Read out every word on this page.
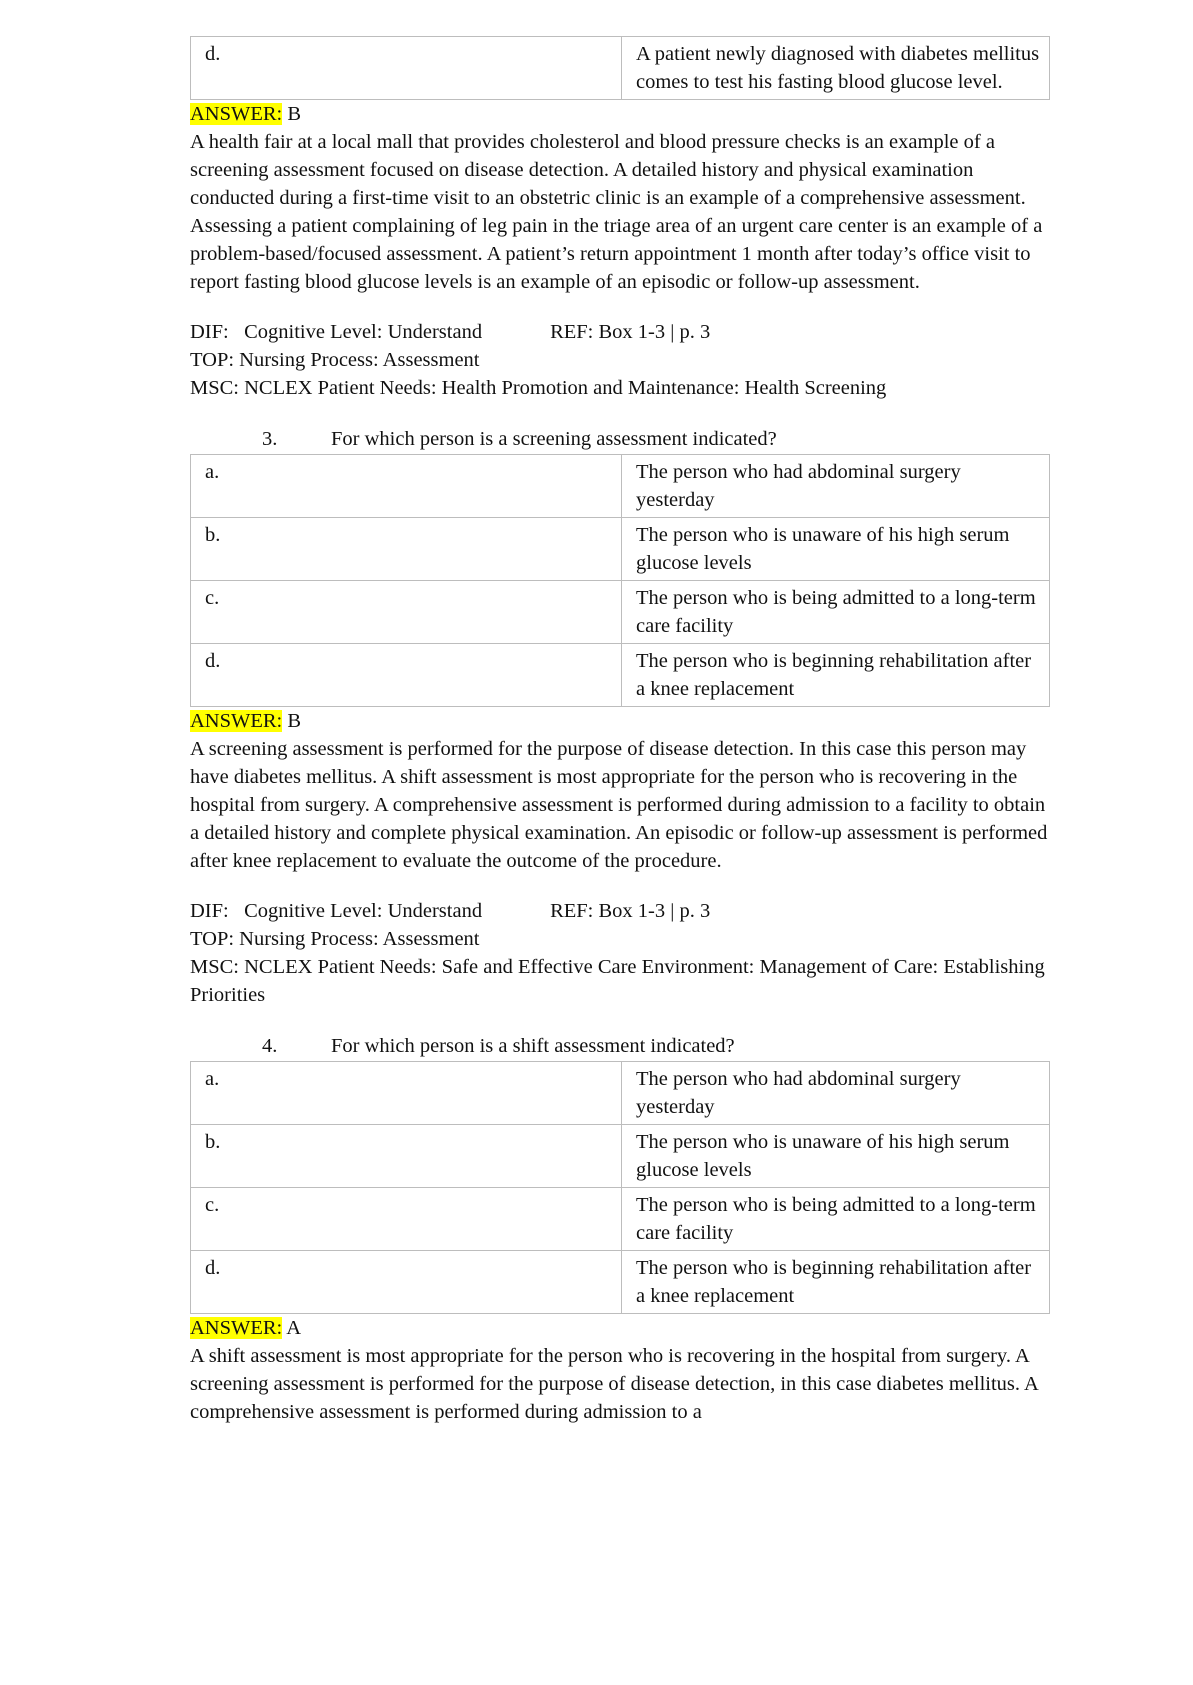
d.	A patient newly diagnosed with diabetes mellitus comes to test his fasting blood glucose level.
ANSWER: B
A health fair at a local mall that provides cholesterol and blood pressure checks is an example of a screening assessment focused on disease detection. A detailed history and physical examination conducted during a first-time visit to an obstetric clinic is an example of a comprehensive assessment. Assessing a patient complaining of leg pain in the triage area of an urgent care center is an example of a problem-based/focused assessment. A patient’s return appointment 1 month after today’s office visit to report fasting blood glucose levels is an example of an episodic or follow-up assessment.
DIF:   Cognitive Level: Understand	REF: Box 1-3 | p. 3
TOP: Nursing Process: Assessment
MSC: NCLEX Patient Needs: Health Promotion and Maintenance: Health Screening
3.	For which person is a screening assessment indicated?
a.	The person who had abdominal surgery yesterday
b.	The person who is unaware of his high serum glucose levels
c.	The person who is being admitted to a long-term care facility
d.	The person who is beginning rehabilitation after a knee replacement
ANSWER: B
A screening assessment is performed for the purpose of disease detection. In this case this person may have diabetes mellitus. A shift assessment is most appropriate for the person who is recovering in the hospital from surgery. A comprehensive assessment is performed during admission to a facility to obtain a detailed history and complete physical examination. An episodic or follow-up assessment is performed after knee replacement to evaluate the outcome of the procedure.
DIF:   Cognitive Level: Understand	REF: Box 1-3 | p. 3
TOP: Nursing Process: Assessment
MSC: NCLEX Patient Needs: Safe and Effective Care Environment: Management of Care: Establishing Priorities
4.	For which person is a shift assessment indicated?
a.	The person who had abdominal surgery yesterday
b.	The person who is unaware of his high serum glucose levels
c.	The person who is being admitted to a long-term care facility
d.	The person who is beginning rehabilitation after a knee replacement
ANSWER: A
A shift assessment is most appropriate for the person who is recovering in the hospital from surgery. A screening assessment is performed for the purpose of disease detection, in this case diabetes mellitus. A comprehensive assessment is performed during admission to a
